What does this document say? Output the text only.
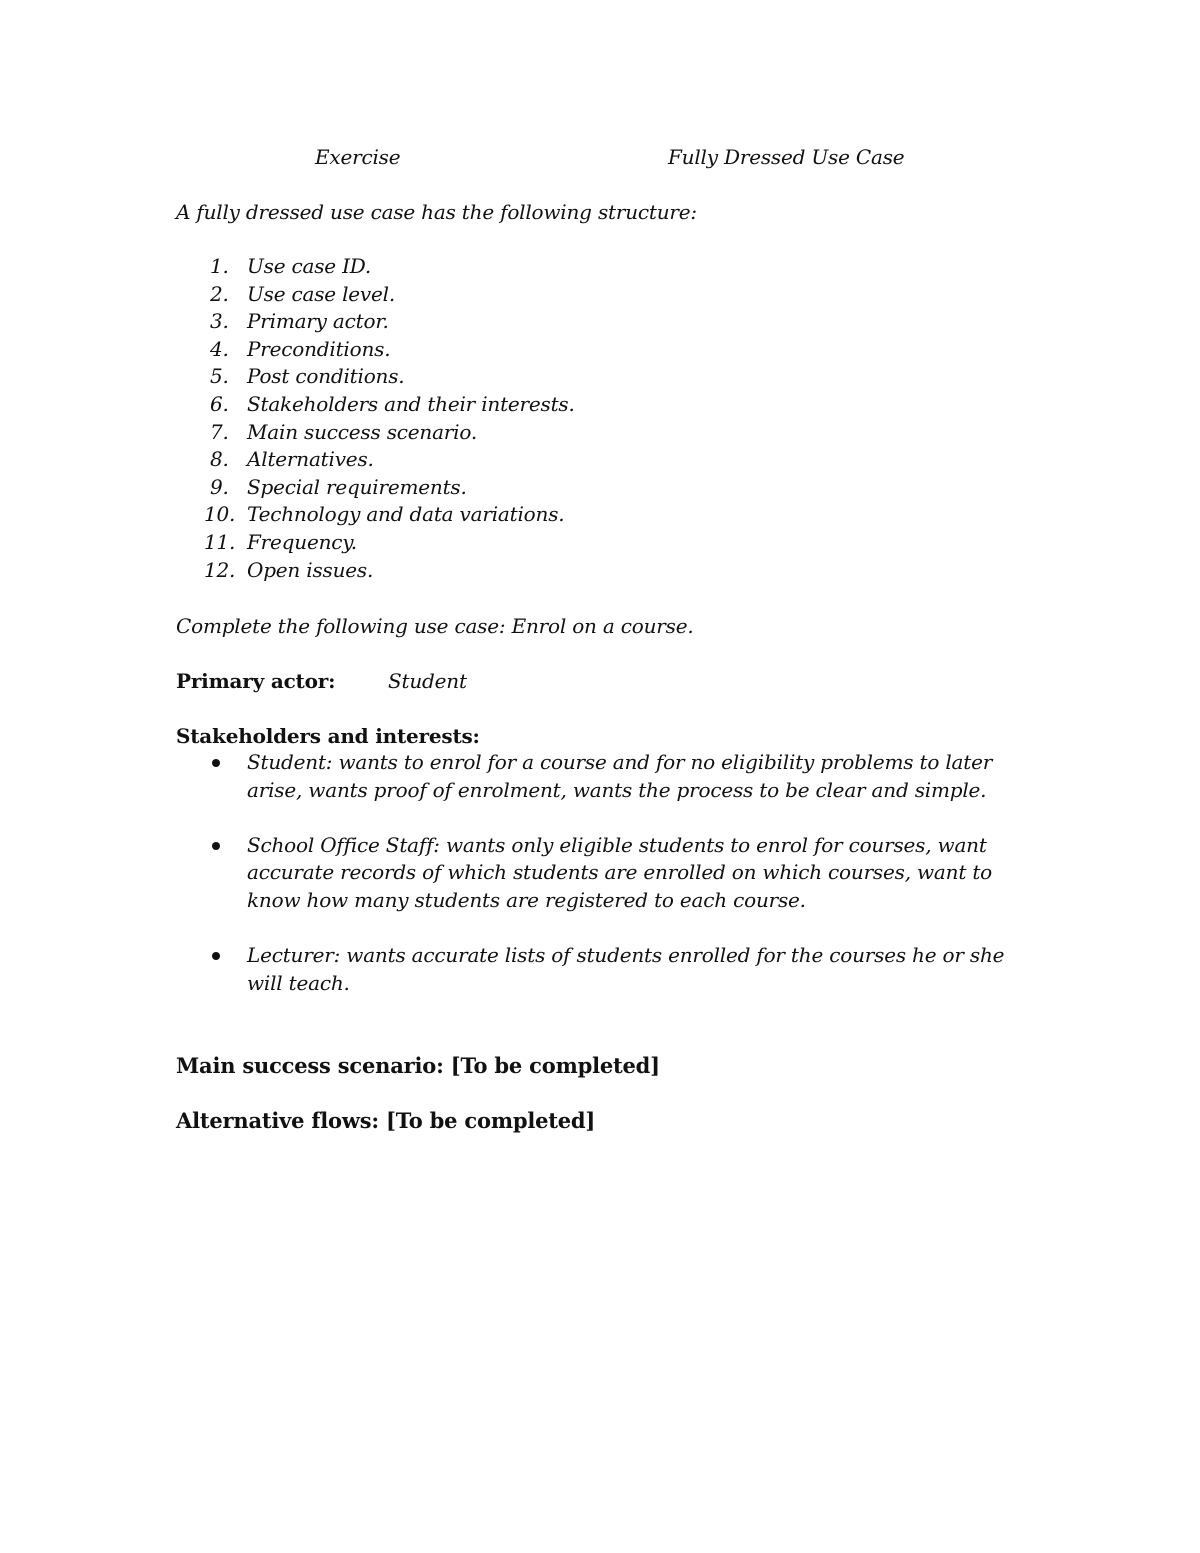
Exercise	Fully Dressed Use Case
A fully dressed use case has the following structure:
1. Use case ID.
2. Use case level.
3. Primary actor.
4. Preconditions.
5. Post conditions.
6. Stakeholders and their interests.
7. Main success scenario.
8. Alternatives.
9. Special requirements.
10. Technology and data variations.
11. Frequency.
12. Open issues.
Complete the following use case: Enrol on a course.
Primary actor:	Student
Stakeholders and interests:
Student: wants to enrol for a course and for no eligibility problems to later arise, wants proof of enrolment, wants the process to be clear and simple.
School Office Staff: wants only eligible students to enrol for courses, want accurate records of which students are enrolled on which courses, want to know how many students are registered to each course.
Lecturer: wants accurate lists of students enrolled for the courses he or she will teach.
Main success scenario: [To be completed]
Alternative flows: [To be completed]
